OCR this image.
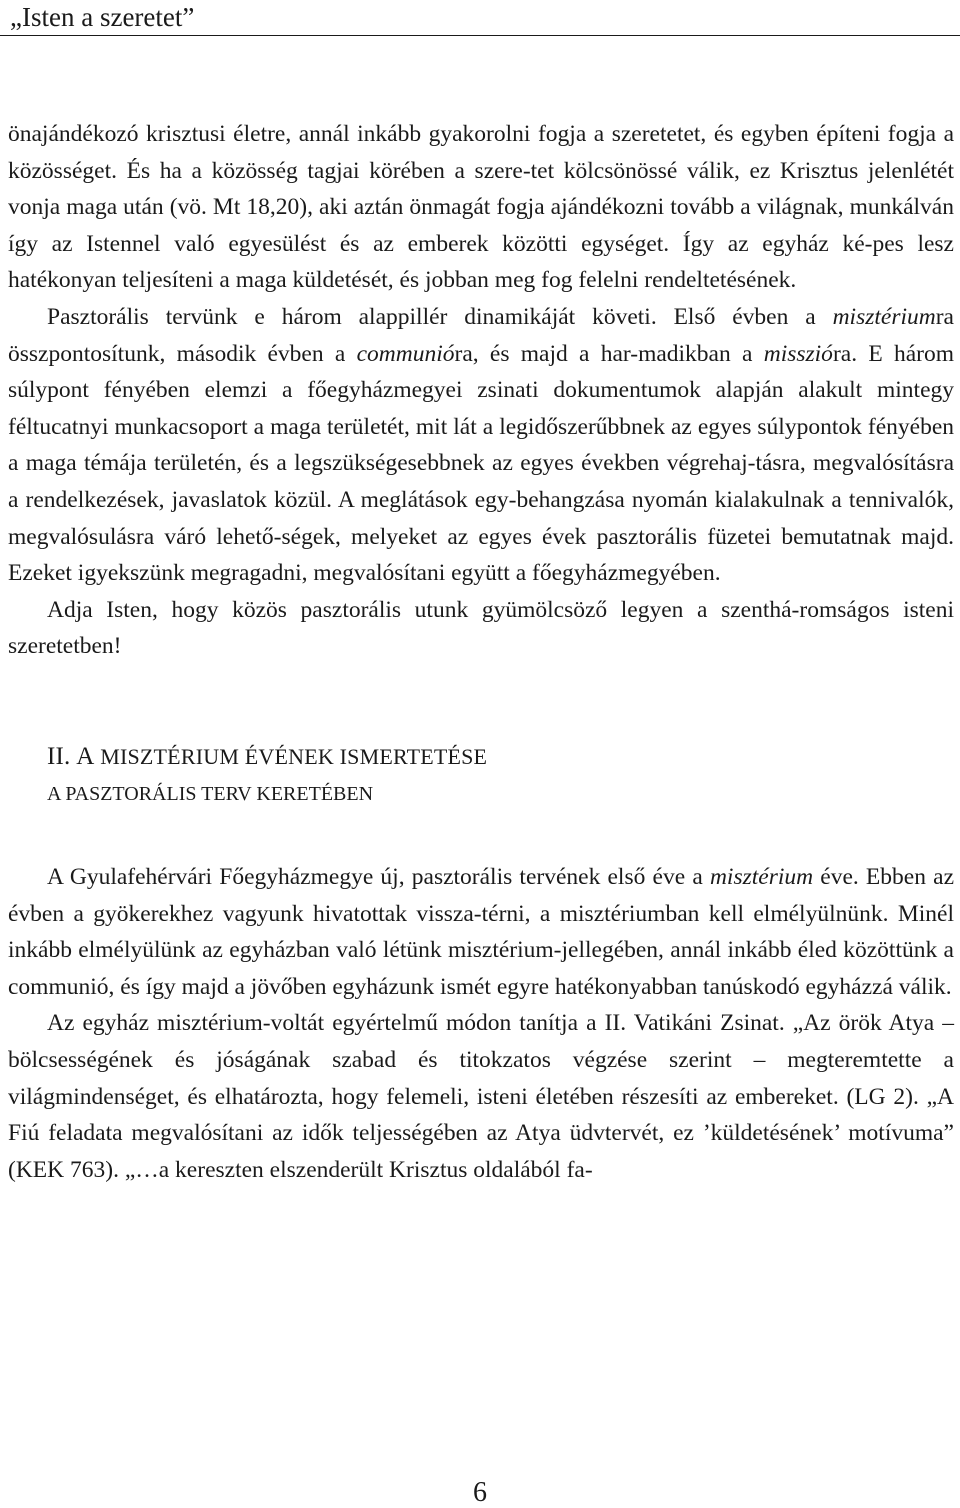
„Isten a szeretet”

önajándékozó krisztusi életre, annál inkább gyakorolni fogja a szeretetet, és egyben építeni fogja a közösséget. És ha a közösség tagjai körében a szere-tet kölcsönössé válik, ez Krisztus jelenlétét vonja maga után (vö. Mt 18,20), aki aztán önmagát fogja ajándékozni tovább a világnak, munkálván így az Istennel való egyesülést és az emberek közötti egységet. Így az egyház ké-pes lesz hatékonyan teljesíteni a maga küldetését, és jobban meg fog felelni rendeltetésének.

Pasztorális tervünk e három alappillér dinamikáját követi. Első évben a misztériumra összpontosítunk, második évben a communióra, és majd a har-madikban a misszióra. E három súlypont fényében elemzi a főegyházmegyei zsinati dokumentumok alapján alakult mintegy féltucatnyi munkacsoport a maga területét, mit lát a legidőszerűbbnek az egyes súlypontok fényében a maga témája területén, és a legszükségesebbnek az egyes években végrehaj-tásra, megvalósításra a rendelkezések, javaslatok közül. A meglátások egy-behangzása nyomán kialakulnak a tennivalók, megvalósulásra váró lehető-ségek, melyeket az egyes évek pasztorális füzetei bemutatnak majd. Ezeket igyekszünk megragadni, megvalósítani együtt a főegyházmegyében.

Adja Isten, hogy közös pasztorális utunk gyümölcsöző legyen a szenthá-romságos isteni szeretetben!

II. A MISZTÉRIUM ÉVÉNEK ISMERTETÉSE

A PASZTORÁLIS TERV KERETÉBEN

A Gyulafehérvári Főegyházmegye új, pasztorális tervének első éve a misztérium éve. Ebben az évben a gyökerekhez vagyunk hivatottak vissza-térni, a misztériumban kell elmélyülnünk. Minél inkább elmélyülünk az egyházban való létünk misztérium-jellegében, annál inkább éled közöttünk a communió, és így majd a jövőben egyházunk ismét egyre hatékonyabban tanúskodó egyházzá válik.

Az egyház misztérium-voltát egyértelmű módon tanítja a II. Vatikáni Zsinat. „Az örök Atya – bölcsességének és jóságának szabad és titokzatos végzése szerint – megteremtette a világmindenséget, és elhatározta, hogy felemeli, isteni életében részesíti az embereket. (LG 2). „A Fiú feladata megvalósítani az idők teljességében az Atya üdvtervét, ez ’küldetésének’ motívuma” (KEK 763). „…a kereszten elszenderült Krisztus oldalából fa-

6
